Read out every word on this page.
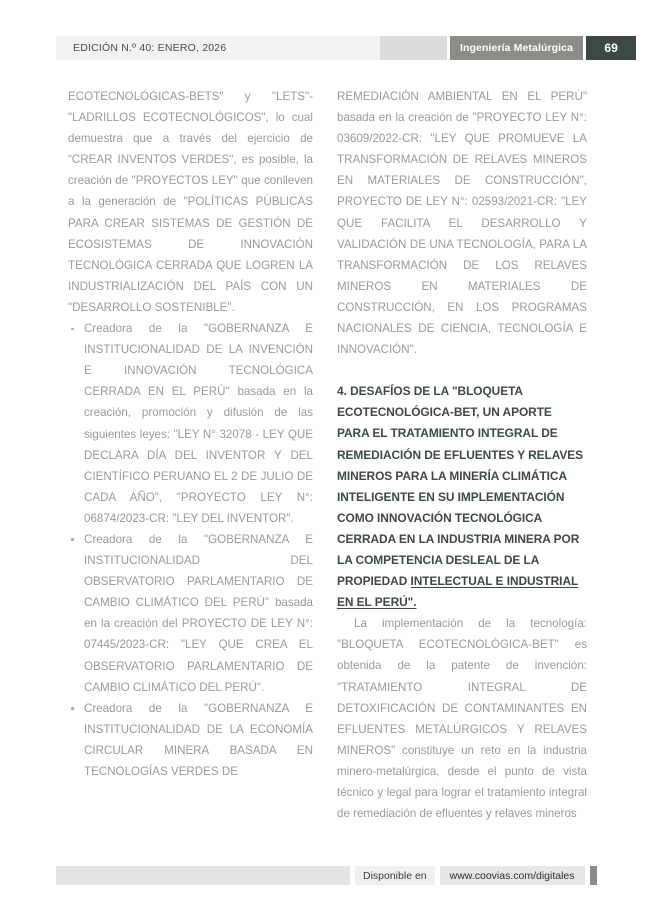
EDICIÓN N.º 40: ENERO, 2026	Ingeniería Metalúrgica	69

ECOTECNOLÓGICAS-BETS" y "LETS"-"LADRILLOS ECOTECNOLÓGICOS", lo cual demuestra que a través del ejercicio de “CREAR INVENTOS VERDES", es posible, la creación de "PROYECTOS LEY" que conlleven a la generación de "POLÍTICAS PÚBLICAS PARA CREAR SISTEMAS DE GESTIÓN DE ECOSISTEMAS DE INNOVACIÓN TECNOLÓGICA CERRADA QUE LOGREN LA INDUSTRIALIZACIÓN DEL PAÍS CON UN "DESARROLLO SOSTENIBLE".

Creadora de la "GOBERNANZA E INSTITUCIONALIDAD DE LA INVENCIÓN E INNOVACIÓN TECNOLÓGICA CERRADA EN EL PERÚ" basada en la creación, promoción y difusión de las siguientes leyes: "LEY N° 32078 - LEY QUE DECLARA DÍA DEL INVENTOR Y DEL CIENTÍFICO PERUANO EL 2 DE JULIO DE CADA AÑO", "PROYECTO LEY N°: 06874/2023-CR: "LEY DEL INVENTOR".
Creadora de la "GOBERNANZA E INSTITUCIONALIDAD DEL OBSERVATORIO PARLAMENTARIO DE CAMBIO CLIMÁTICO DEL PERÚ" basada en la creación del PROYECTO DE LEY N°: 07445/2023-CR: "LEY QUE CREA EL OBSERVATORIO PARLAMENTARIO DE CAMBIO CLIMÁTICO DEL PERÚ".
Creadora de la "GOBERNANZA E INSTITUCIONALIDAD DE LA ECONOMÍA CIRCULAR MINERA BASADA EN TECNOLOGÍAS VERDES DE

REMEDIACIÓN AMBIENTAL EN EL PERÚ" basada en la creación de "PROYECTO LEY N°: 03609/2022-CR: "LEY QUE PROMUEVE LA TRANSFORMACIÓN DE RELAVES MINEROS EN MATERIALES DE CONSTRUCCIÓN", PROYECTO DE LEY N°: 02593/2021-CR: "LEY QUE FACILITA EL DESARROLLO Y VALIDACIÓN DE UNA TECNOLOGÍA, PARA LA TRANSFORMACIÓN DE LOS RELAVES MINEROS EN MATERIALES DE CONSTRUCCIÓN, EN LOS PROGRAMAS NACIONALES DE CIENCIA, TECNOLOGÍA E INNOVACIÓN".

4. DESAFÍOS DE LA "BLOQUETA ECOTECNOLÓGICA-BET, UN APORTE PARA EL TRATAMIENTO INTEGRAL DE REMEDIACIÓN DE EFLUENTES Y RELAVES MINEROS PARA LA MINERÍA CLIMÁTICA INTELIGENTE EN SU IMPLEMENTACIÓN COMO INNOVACIÓN TECNOLÓGICA CERRADA EN LA INDUSTRIA MINERA POR LA COMPETENCIA DESLEAL DE LA PROPIEDAD INTELECTUAL E INDUSTRIAL EN EL PERÚ".

La implementación de la tecnología: "BLOQUETA ECOTECNOLÓGICA-BET" es obtenida de la patente de invención: "TRATAMIENTO INTEGRAL DE DETOXIFICACIÓN DE CONTAMINANTES EN EFLUENTES METALÚRGICOS Y RELAVES MINEROS" constituye un reto en la industria minero-metalúrgica, desde el punto de vista técnico y legal para lograr el tratamiento integral de remediación de efluentes y relaves mineros

Disponible en	www.coovias.com/digitales
